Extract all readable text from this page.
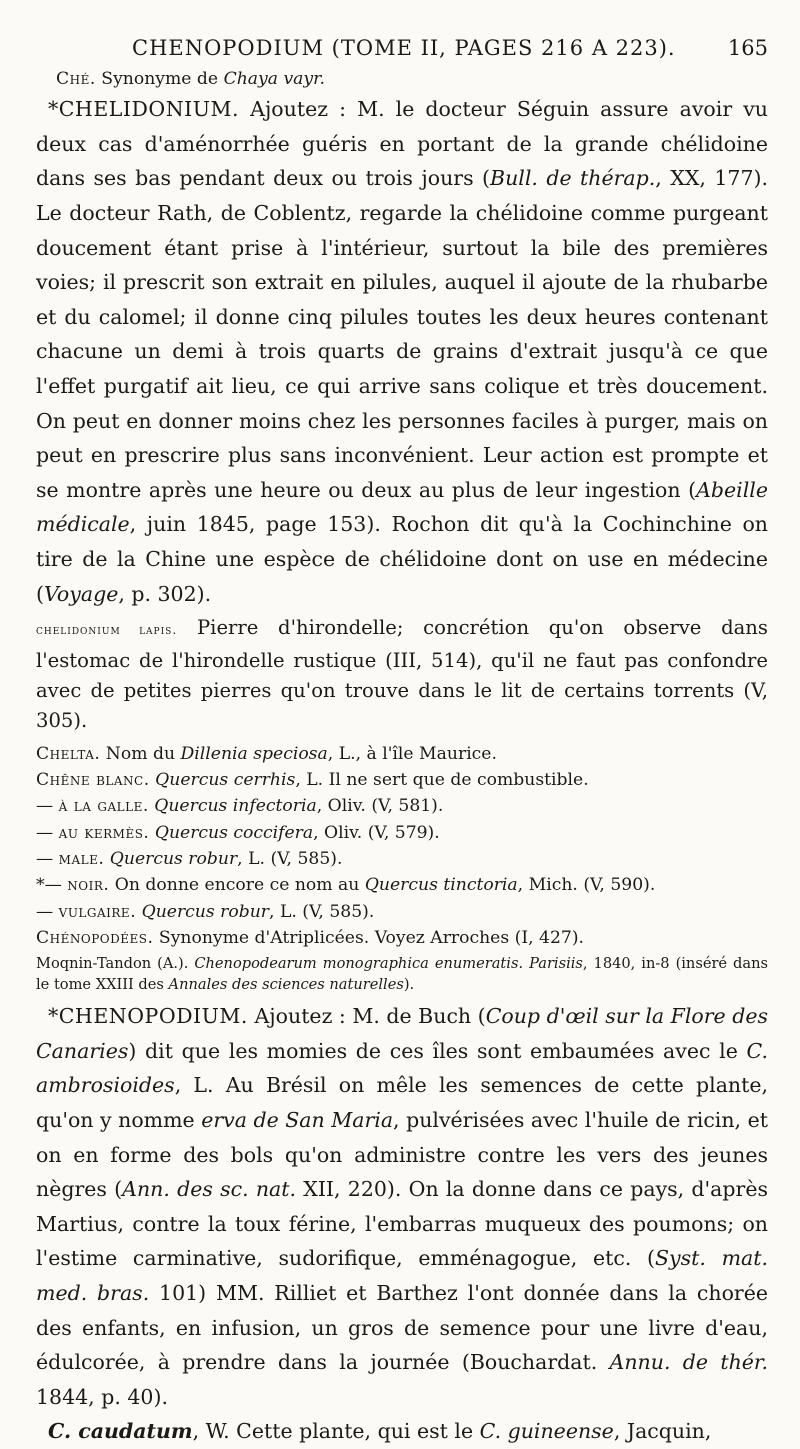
CHENOPODIUM (TOME II, PAGES 216 A 223). 165

Ché. Synonyme de Chaya vayr.

*CHELIDONIUM. Ajoutez : M. le docteur Séguin assure avoir vu deux cas d'aménorrhée guéris en portant de la grande chélidoine dans ses bas pendant deux ou trois jours (Bull. de thérap., XX, 177). Le docteur Rath, de Coblentz, regarde la chélidoine comme purgeant doucement étant prise à l'intérieur, surtout la bile des premières voies; il prescrit son extrait en pilules, auquel il ajoute de la rhubarbe et du calomel; il donne cinq pilules toutes les deux heures contenant chacune un demi à trois quarts de grains d'extrait jusqu'à ce que l'effet purgatif ait lieu, ce qui arrive sans colique et très doucement. On peut en donner moins chez les personnes faciles à purger, mais on peut en prescrire plus sans inconvénient. Leur action est prompte et se montre après une heure ou deux au plus de leur ingestion (Abeille médicale, juin 1845, page 153). Rochon dit qu'à la Cochinchine on tire de la Chine une espèce de chélidoine dont on use en médecine (Voyage, p. 302).

chelidonium lapis. Pierre d'hirondelle; concrétion qu'on observe dans l'estomac de l'hirondelle rustique (III, 514), qu'il ne faut pas confondre avec de petites pierres qu'on trouve dans le lit de certains torrents (V, 305).

Chelta. Nom du Dillenia speciosa, L., à l'île Maurice.

Chêne blanc. Quercus cerrhis, L. Il ne sert que de combustible.

— à la galle. Quercus infectoria, Oliv. (V, 581).

— au kermès. Quercus coccifera, Oliv. (V, 579).

— male. Quercus robur, L. (V, 585).

*— noir. On donne encore ce nom au Quercus tinctoria, Mich. (V, 590).

— vulgaire. Quercus robur, L. (V, 585).

Chénopodées. Synonyme d'Atriplicées. Voyez Arroches (I, 427).

Moqnin-Tandon (A.). Chenopodearum monographica enumeratis. Parisiis, 1840, in-8 (inséré dans le tome XXIII des Annales des sciences naturelles).

*CHENOPODIUM. Ajoutez : M. de Buch (Coup d'œil sur la Flore des Canaries) dit que les momies de ces îles sont embaumées avec le C. ambrosioides, L. Au Brésil on mêle les semences de cette plante, qu'on y nomme erva de San Maria, pulvérisées avec l'huile de ricin, et on en forme des bols qu'on administre contre les vers des jeunes nègres (Ann. des sc. nat. XII, 220). On la donne dans ce pays, d'après Martius, contre la toux férine, l'embarras muqueux des poumons; on l'estime carminative, sudorifique, emménagogue, etc. (Syst. mat. med. bras. 101) MM. Rilliet et Barthez l'ont donnée dans la chorée des enfants, en infusion, un gros de semence pour une livre d'eau, édulcorée, à prendre dans la journée (Bouchardat. Annu. de thér. 1844, p. 40).

C. caudatum, W. Cette plante, qui est le C. guineense, Jacquin,
